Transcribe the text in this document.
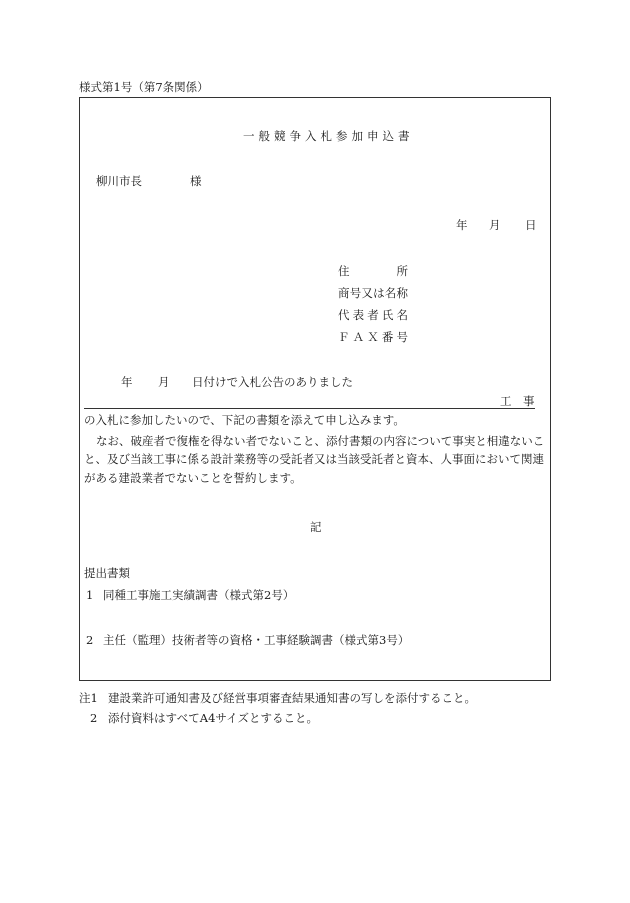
様式第1号（第7条関係）
一般競争入札参加申込書
柳川市長	様
年 月 日
住　所
商号又は名称
代表者氏名
ＦＡＸ番号
年 月 日付けで入札公告のありました
工　事
の入札に参加したいので、下記の書類を添えて申し込みます。
なお、破産者で復権を得ない者でないこと、添付書類の内容について事実と相違ないこ
と、及び当該工事に係る設計業務等の受託者又は当該受託者と資本、人事面において関連
がある建設業者でないことを誓約します。
記
提出書類
1 同種工事施工実績調書（様式第2号）
2 主任（監理）技術者等の資格・工事経験調書（様式第3号）
注1 建設業許可通知書及び経営事項審査結果通知書の写しを添付すること。
2 添付資料はすべてA4サイズとすること。
